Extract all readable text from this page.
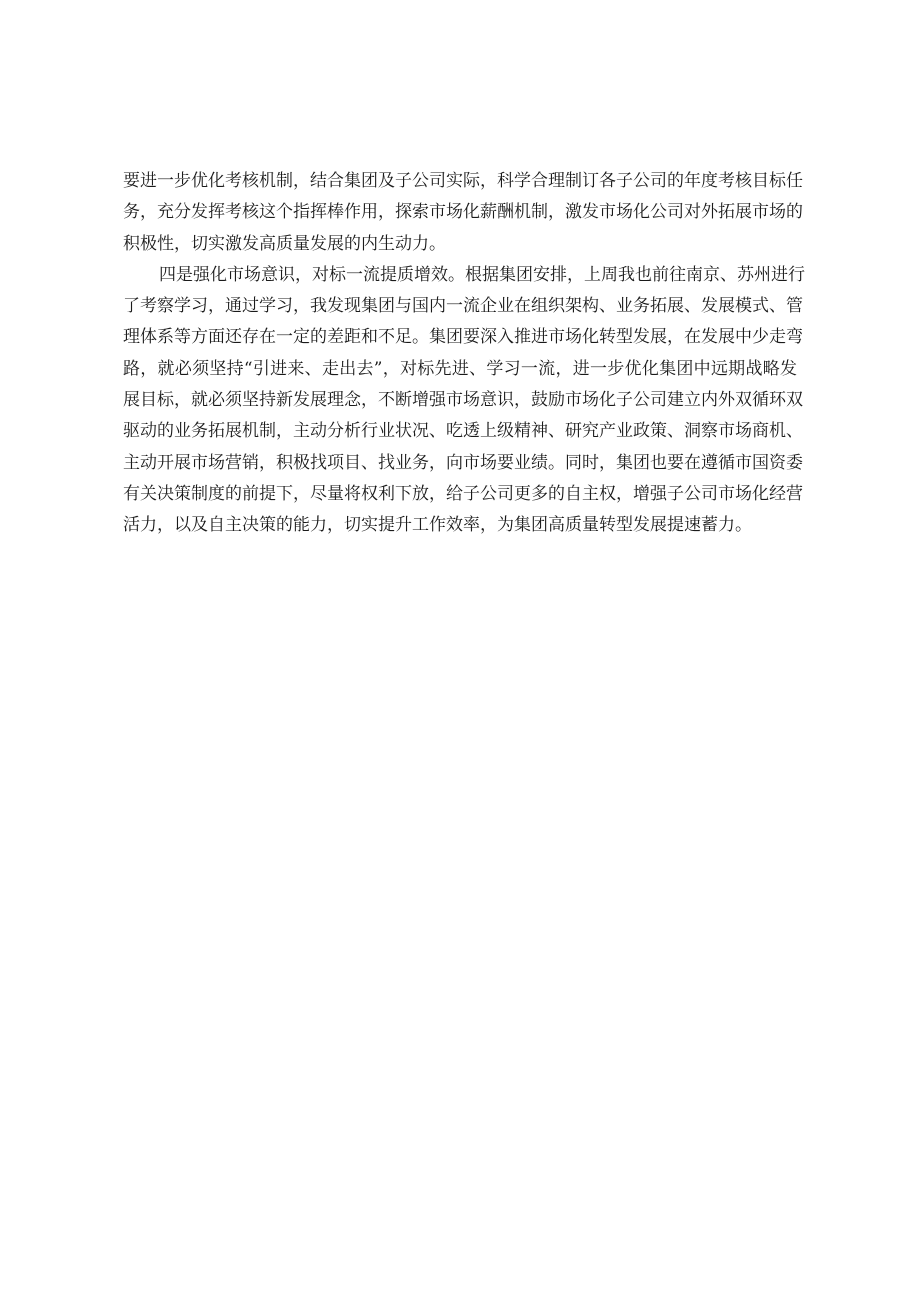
要进一步优化考核机制，结合集团及子公司实际，科学合理制订各子公司的年度考核目标任
务，充分发挥考核这个指挥棒作用，探索市场化薪酬机制，激发市场化公司对外拓展市场的
积极性，切实激发高质量发展的内生动力。
四是强化市场意识，对标一流提质增效。根据集团安排，上周我也前往南京、苏州进行
了考察学习，通过学习，我发现集团与国内一流企业在组织架构、业务拓展、发展模式、管
理体系等方面还存在一定的差距和不足。集团要深入推进市场化转型发展，在发展中少走弯
路，就必须坚持“引进来、走出去”，对标先进、学习一流，进一步优化集团中远期战略发
展目标，就必须坚持新发展理念，不断增强市场意识，鼓励市场化子公司建立内外双循环双
驱动的业务拓展机制，主动分析行业状况、吃透上级精神、研究产业政策、洞察市场商机、
主动开展市场营销，积极找项目、找业务，向市场要业绩。同时，集团也要在遵循市国资委
有关决策制度的前提下，尽量将权利下放，给子公司更多的自主权，增强子公司市场化经营
活力，以及自主决策的能力，切实提升工作效率，为集团高质量转型发展提速蓄力。
